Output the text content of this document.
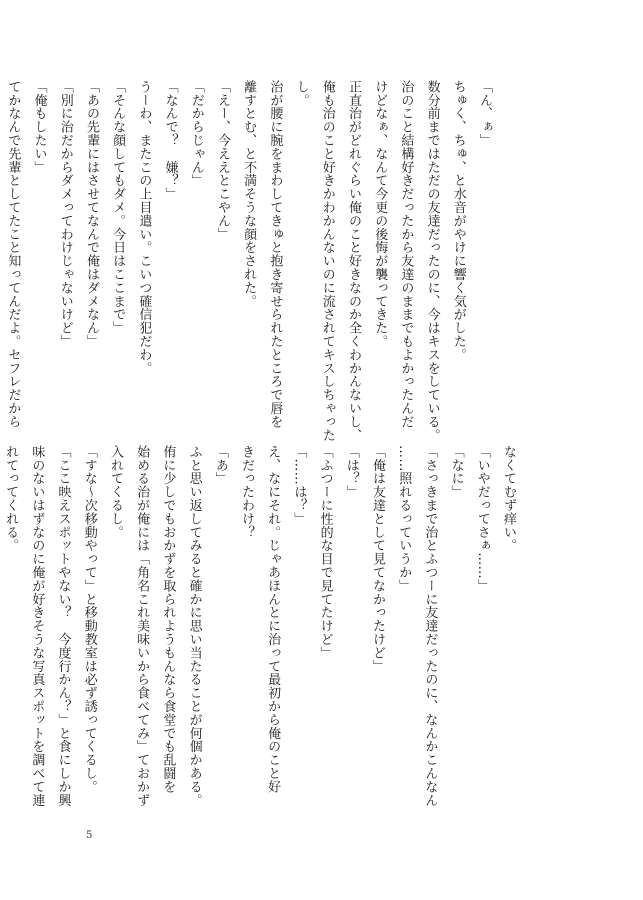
「ん、ぁ」

ちゅく、ちゅ、と水音がやけに響く気がした。

数分前まではただの友達だったのに、今はキスをしている。

治のこと結構好きだったから友達のままでもよかったんだ

けどなぁ、なんて今更の後悔が襲ってきた。

正直治がどれぐらい俺のこと好きなのか全くわかんないし、

俺も治のこと好きかわかんないのに流されてキスしちゃった

し。

治が腰に腕をまわしてきゅと抱き寄せられたところで唇を

離すとむ、と不満そうな顔をされた。

「えー、今ええとこやん」

「だからじゃん」

「なんで？　嫌？」

うーわ、またこの上目遣い。こいつ確信犯だわ。

「そんな顔してもダメ。今日はここまで」

「あの先輩にはさせてなんで俺はダメなん」

「別に治だからダメってわけじゃないけど」

「俺もしたい」

てかなんで先輩としてたこと知ってんだよ。セフレだから

なくてむず痒い。

「いやだってさぁ……」

「なに」

「さっきまで治とふつーに友達だったのに、なんかこんなん

……照れるっていうか」

「俺は友達として見てなかったけど」

「は？」

「ふつーに性的な目で見てたけど」

「……は？」

え、なにそれ。じゃあほんとに治って最初から俺のこと好

きだったわけ？

「あ」

ふと思い返してみると確かに思い当たることが何個かある。

侑に少しでもおかずを取られようもんなら食堂でも乱闘を

始める治が俺には「角名これ美味いから食べてみ」ておかず

入れてくるし。

「すな～次移動やって」と移動教室は必ず誘ってくるし。

「ここ映えスポットやない？　今度行かん？」と食にしか興

味のないはずなのに俺が好きそうな写真スポットを調べて連

れてってくれる。

5
